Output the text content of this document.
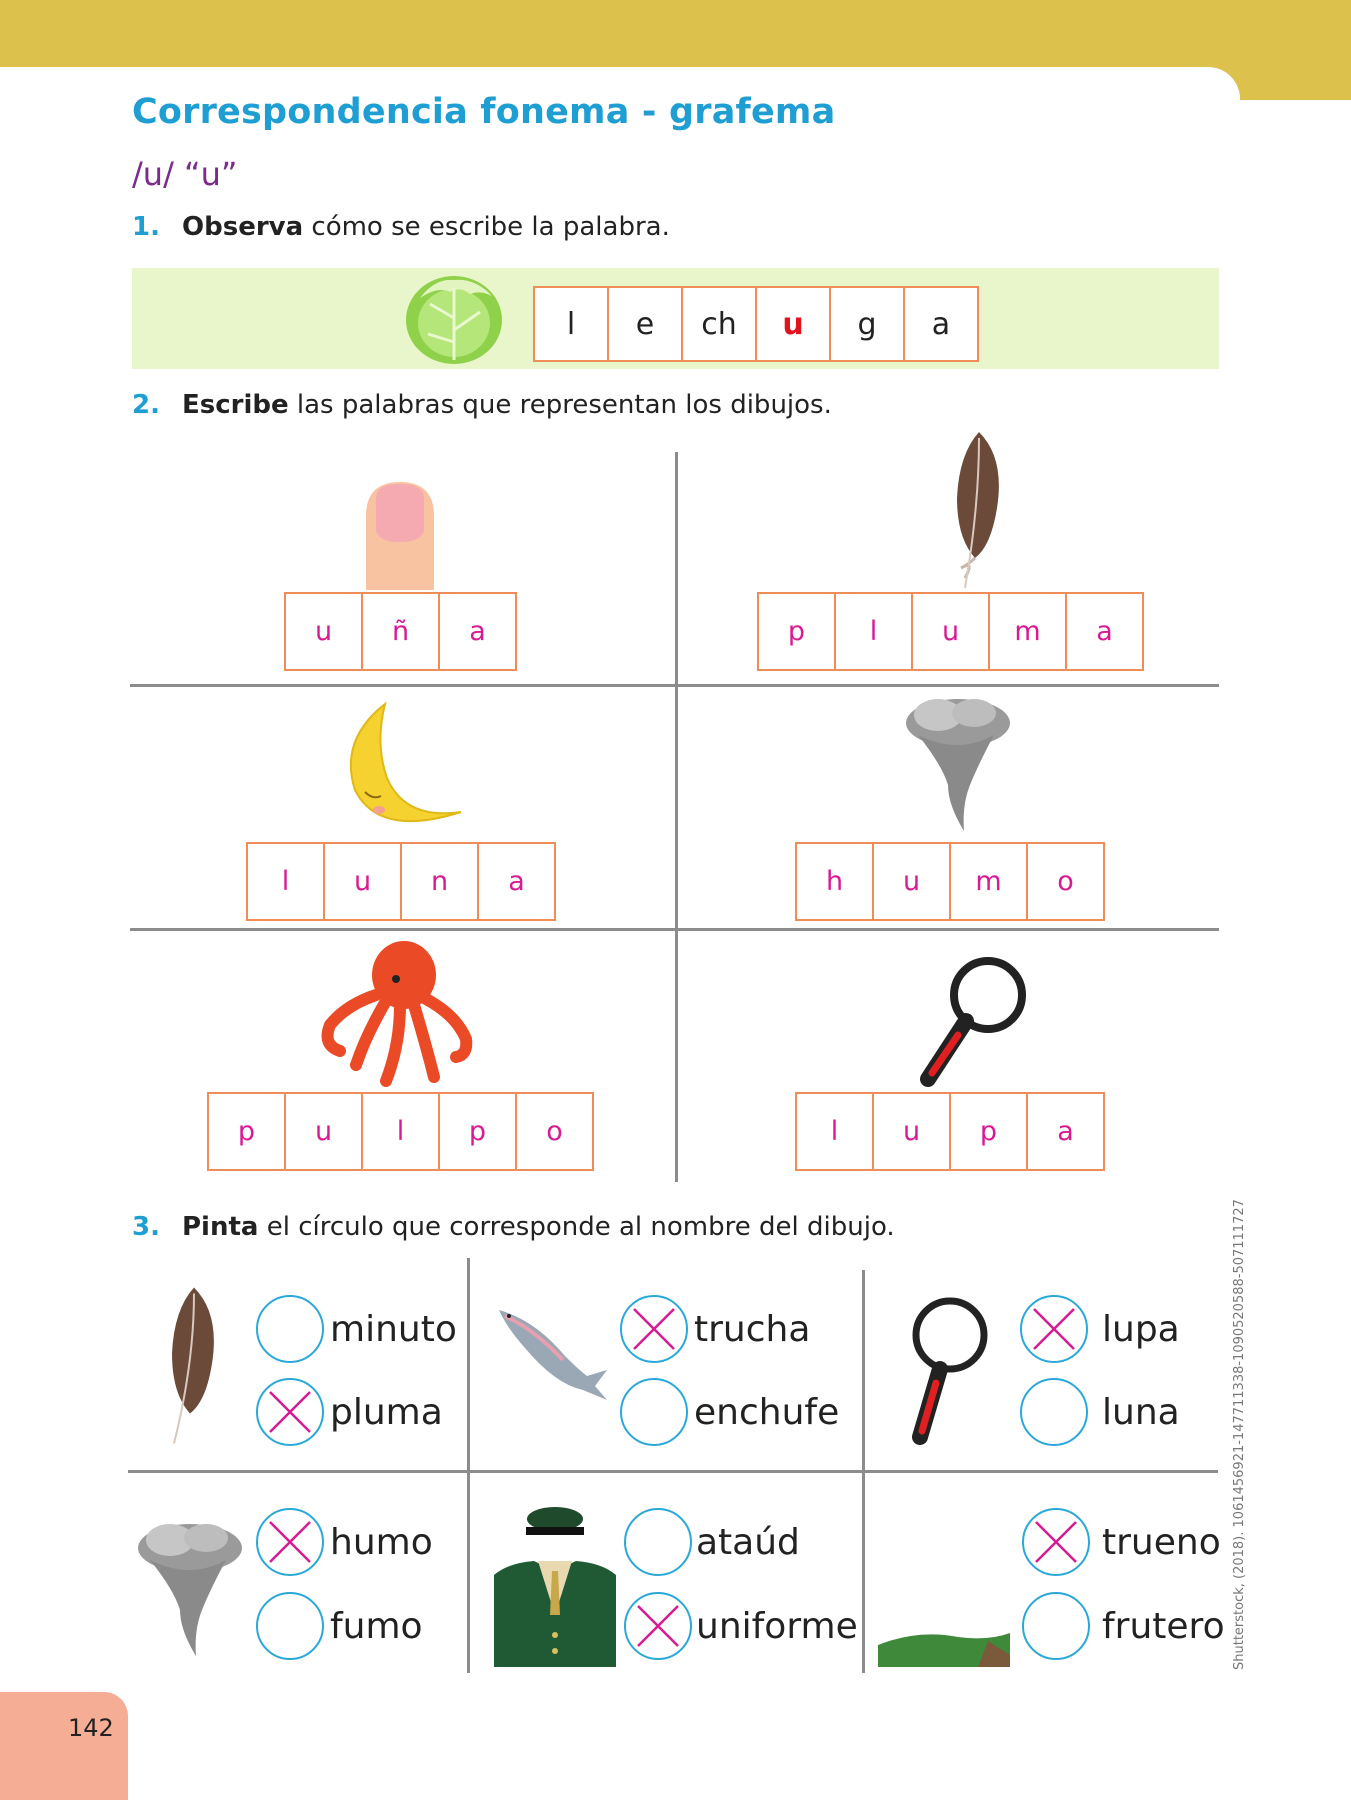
Correspondencia fonema - grafema
/u/ “u”
1. Observa cómo se escribe la palabra.
l	e	ch	u	g	a
2. Escribe las palabras que representan los dibujos.
u	ñ	a	p	l	u	m	a
l	u	n	a	h	u	m	o
p	u	l	p	o	l	u	p	a
3. Pinta el círculo que corresponde al nombre del dibujo.
minuto
pluma
trucha
enchufe
lupa
luna
humo
fumo
ataúd
uniforme
trueno
frutero Shutterstock, (2018). 1061456921-147711338-1090520588-507111727
142
